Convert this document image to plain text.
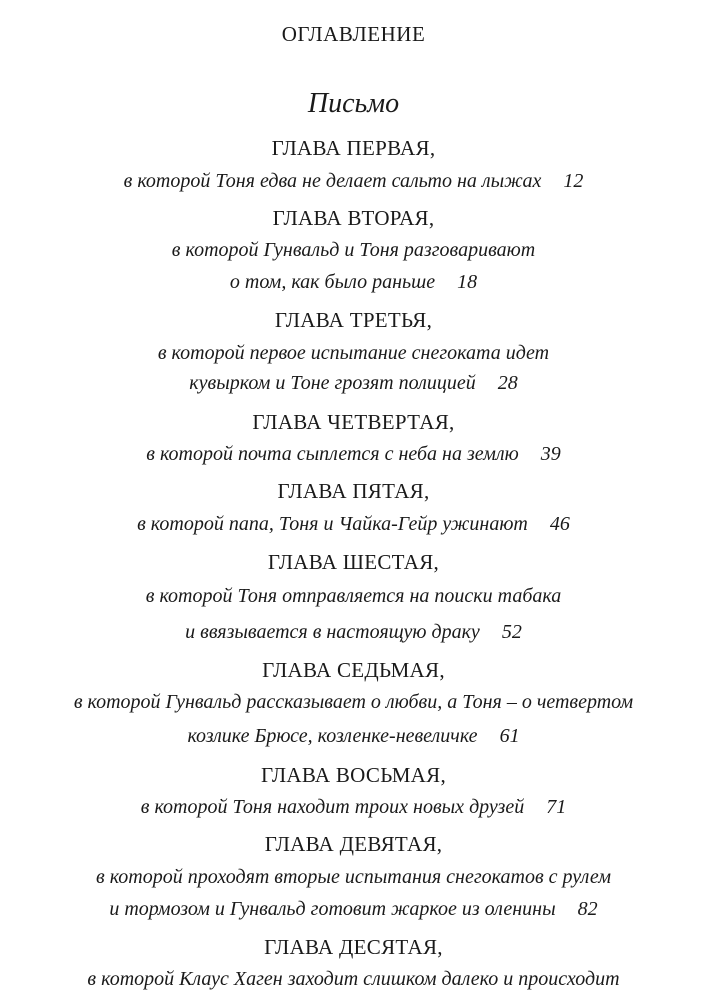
ОГЛАВЛЕНИЕ
Письмо
ГЛАВА ПЕРВАЯ,
в которой Тоня едва не делает сальто на лыжах 12
ГЛАВА ВТОРАЯ,
в которой Гунвальд и Тоня разговаривают
о том, как было раньше 18
ГЛАВА ТРЕТЬЯ,
в которой первое испытание снегоката идет
кувырком и Тоне грозят полицией 28
ГЛАВА ЧЕТВЕРТАЯ,
в которой почта сыплется с неба на землю 39
ГЛАВА ПЯТАЯ,
в которой папа, Тоня и Чайка-Гейр ужинают 46
ГЛАВА ШЕСТАЯ,
в которой Тоня отправляется на поиски табака
и ввязывается в настоящую драку 52
ГЛАВА СЕДЬМАЯ,
в которой Гунвальд рассказывает о любви, а Тоня – о четвертом
козлике Брюсе, козленке-невеличке 61
ГЛАВА ВОСЬМАЯ,
в которой Тоня находит троих новых друзей 71
ГЛАВА ДЕВЯТАЯ,
в которой проходят вторые испытания снегокатов с рулем
и тормозом и Гунвальд готовит жаркое из оленины 82
ГЛАВА ДЕСЯТАЯ,
в которой Клаус Хаген заходит слишком далеко и происходит
